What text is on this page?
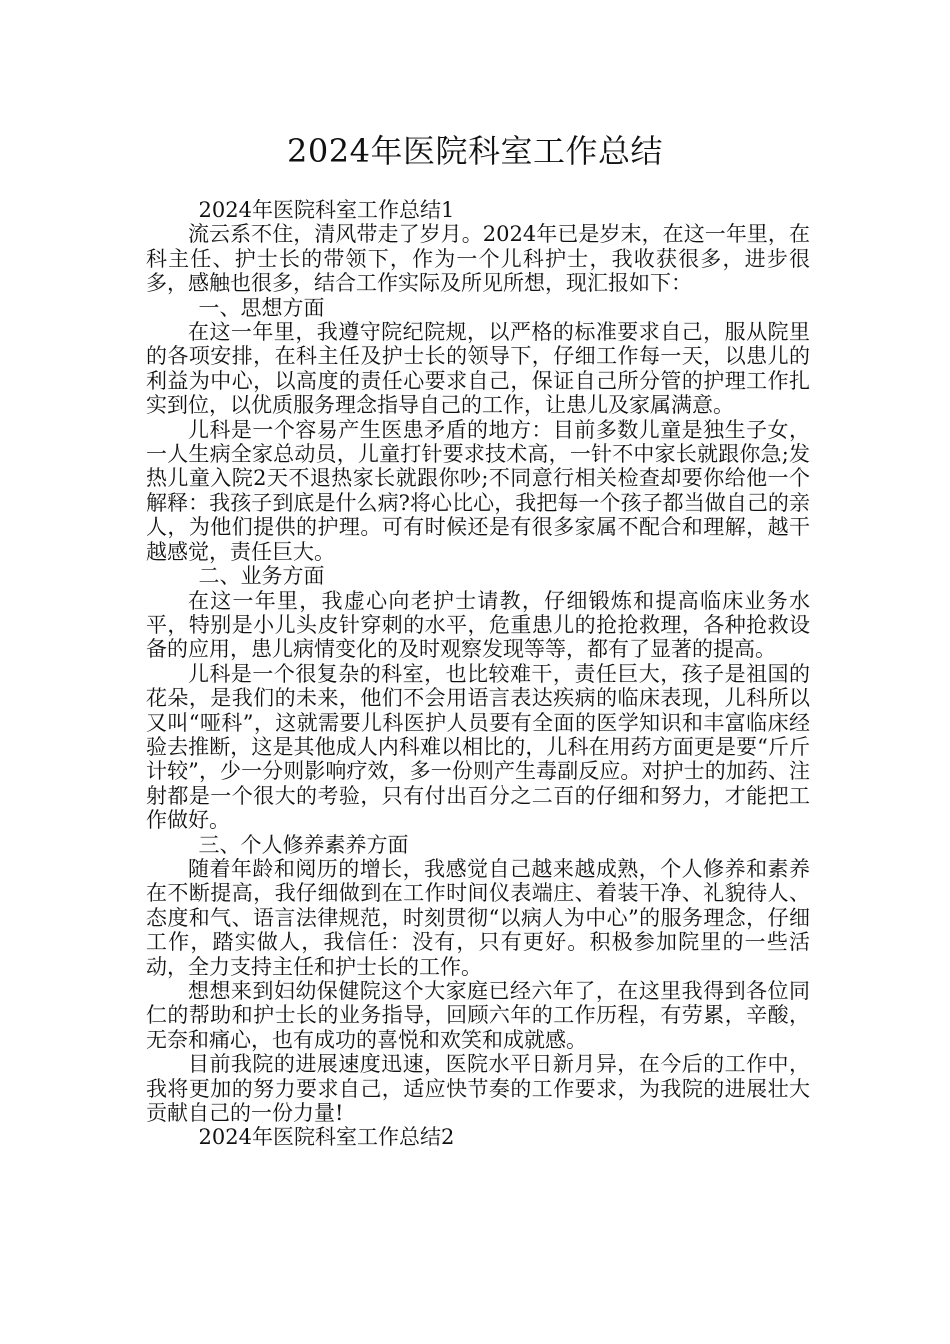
2024年医院科室工作总结

2024年医院科室工作总结1

流云系不住，清风带走了岁月。2024年已是岁末，在这一年里，在科主任、护士长的带领下，作为一个儿科护士，我收获很多，进步很多，感触也很多，结合工作实际及所见所想，现汇报如下：

一、思想方面

在这一年里，我遵守院纪院规，以严格的标准要求自己，服从院里的各项安排，在科主任及护士长的领导下，仔细工作每一天，以患儿的利益为中心，以高度的责任心要求自己，保证自己所分管的护理工作扎实到位，以优质服务理念指导自己的工作，让患儿及家属满意。

儿科是一个容易产生医患矛盾的地方：目前多数儿童是独生子女，一人生病全家总动员，儿童打针要求技术高，一针不中家长就跟你急;发热儿童入院2天不退热家长就跟你吵;不同意行相关检查却要你给他一个解释：我孩子到底是什么病?将心比心，我把每一个孩子都当做自己的亲人，为他们提供的护理。可有时候还是有很多家属不配合和理解，越干越感觉，责任巨大。

二、业务方面

在这一年里，我虚心向老护士请教，仔细锻炼和提高临床业务水平，特别是小儿头皮针穿刺的水平，危重患儿的抢抢救理，各种抢救设备的应用，患儿病情变化的及时观察发现等等，都有了显著的提高。

儿科是一个很复杂的科室，也比较难干，责任巨大，孩子是祖国的花朵，是我们的未来，他们不会用语言表达疾病的临床表现，儿科所以又叫“哑科”，这就需要儿科医护人员要有全面的医学知识和丰富临床经验去推断，这是其他成人内科难以相比的，儿科在用药方面更是要“斤斤计较”，少一分则影响疗效，多一份则产生毒副反应。对护士的加药、注射都是一个很大的考验，只有付出百分之二百的仔细和努力，才能把工作做好。

三、个人修养素养方面

随着年龄和阅历的增长，我感觉自己越来越成熟，个人修养和素养在不断提高，我仔细做到在工作时间仪表端庄、着装干净、礼貌待人、态度和气、语言法律规范，时刻贯彻“以病人为中心”的服务理念，仔细工作，踏实做人，我信任：没有，只有更好。积极参加院里的一些活动，全力支持主任和护士长的工作。

想想来到妇幼保健院这个大家庭已经六年了，在这里我得到各位同仁的帮助和护士长的业务指导，回顾六年的工作历程，有劳累，辛酸，无奈和痛心，也有成功的喜悦和欢笑和成就感。

目前我院的进展速度迅速，医院水平日新月异，在今后的工作中，我将更加的努力要求自己，适应快节奏的工作要求，为我院的进展壮大贡献自己的一份力量!

2024年医院科室工作总结2
